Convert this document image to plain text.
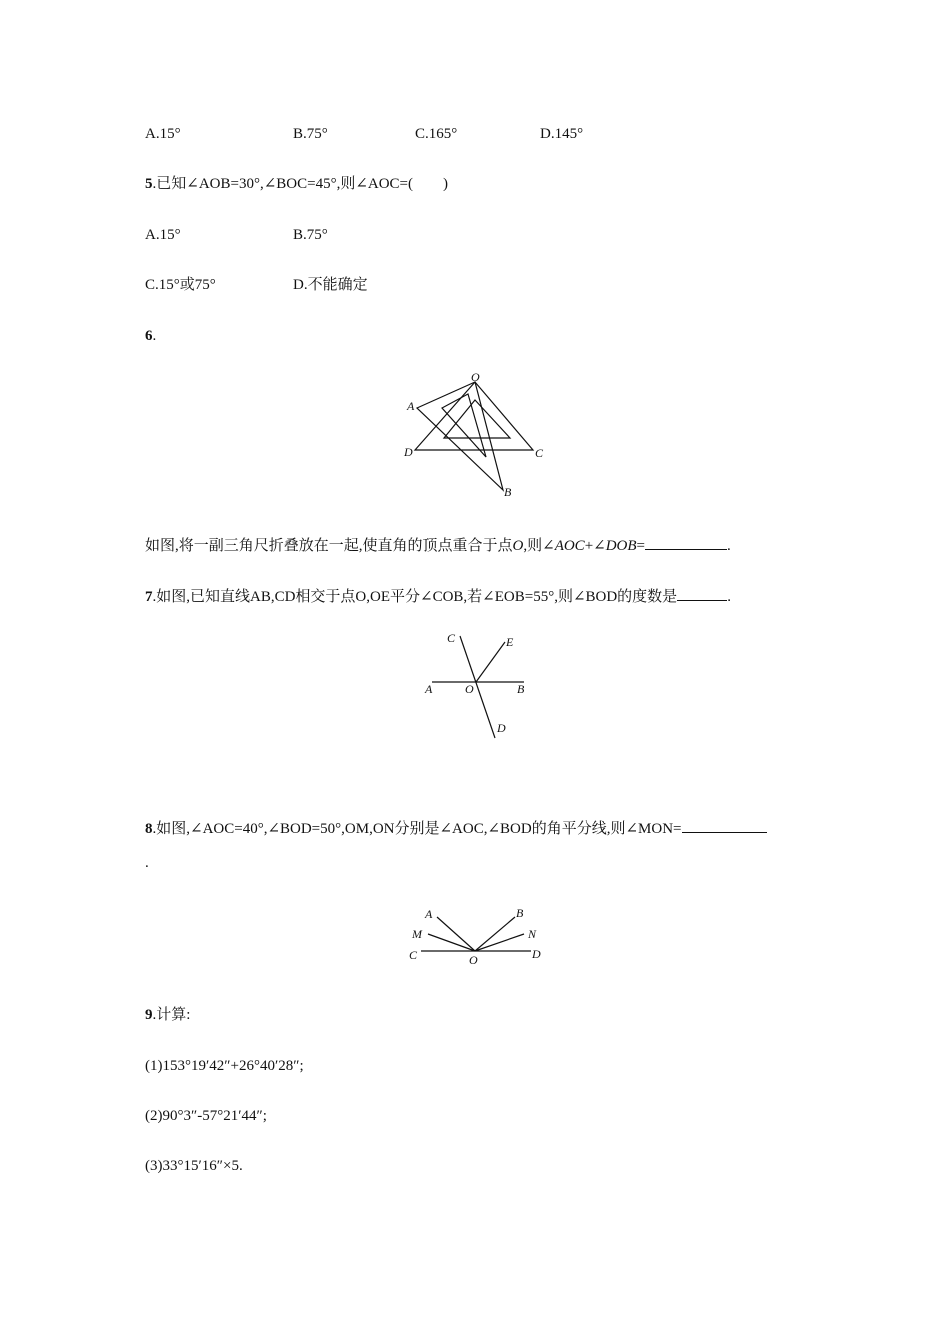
A.15°	B.75°	C.165°	D.145°
5.已知∠AOB=30°,∠BOC=45°,则∠AOC=(　　)
A.15°	B.75°
C.15°或75°	D.不能确定
6.
O
A
D	C
B
如图,将一副三角尺折叠放在一起,使直角的顶点重合于点O,则∠AOC+∠DOB=	.
7.如图,已知直线AB,CD相交于点O,OE平分∠COB,若∠EOB=55°,则∠BOD的度数是	.
C	E
A	O	B
D
8.如图,∠AOC=40°,∠BOD=50°,OM,ON分别是∠AOC,∠BOD的角平分线,则∠MON=
.
A	B
M	N
C	O	D
9.计算:
(1)153°19′42″+26°40′28″;
(2)90°3″-57°21′44″;
(3)33°15′16″×5.
